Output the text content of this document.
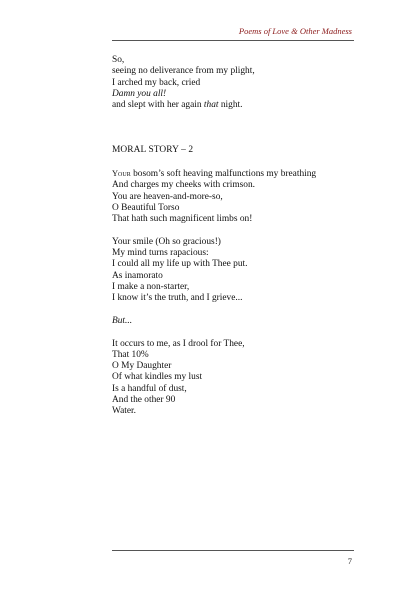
Poems of Love & Other Madness
So,
seeing no deliverance from my plight,
I arched my back, cried
Damn you all!
and slept with her again that night.
MORAL STORY – 2
Your bosom’s soft heaving malfunctions my breathing
And charges my cheeks with crimson.
You are heaven-and-more-so,
O Beautiful Torso
That hath such magnificent limbs on!
Your smile (Oh so gracious!)
My mind turns rapacious:
I could all my life up with Thee put.
As inamorato
I make a non-starter,
I know it’s the truth, and I grieve...
But...
It occurs to me, as I drool for Thee,
That 10%
O My Daughter
Of what kindles my lust
Is a handful of dust,
And the other 90
Water.
7
